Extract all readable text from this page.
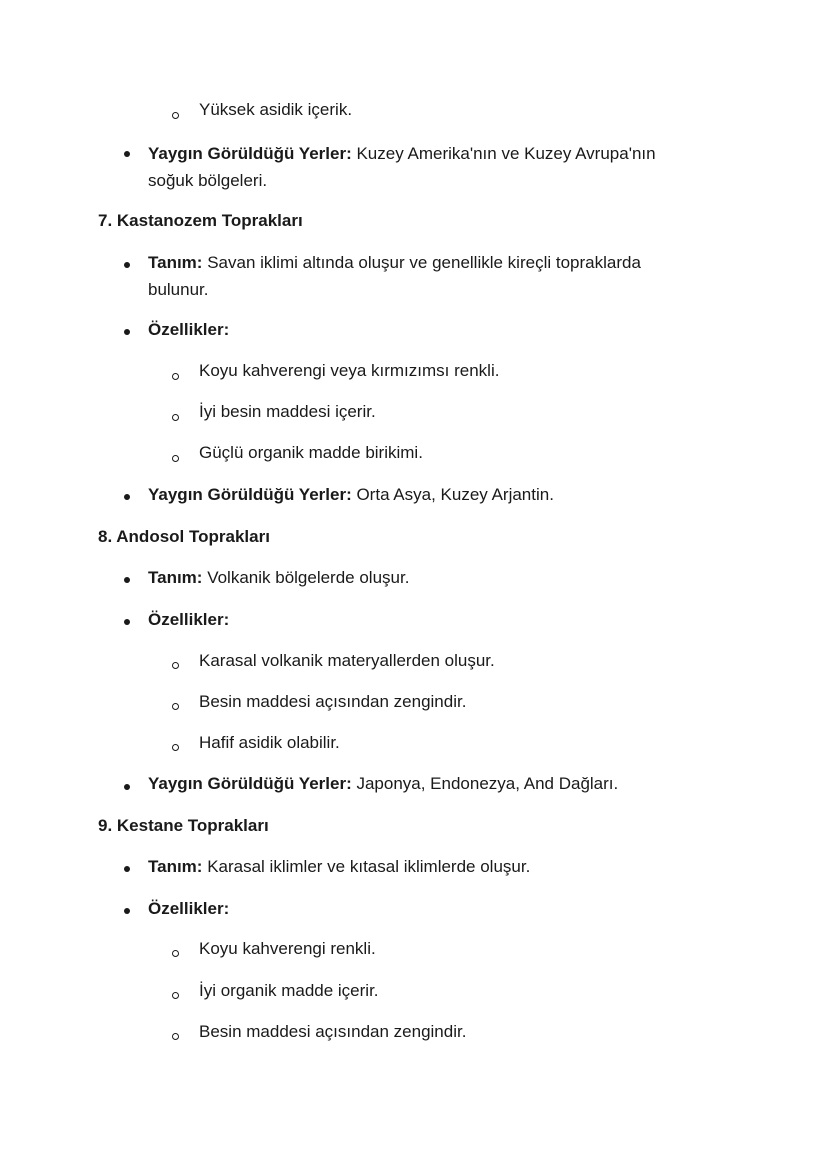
Yüksek asidik içerik.
Yaygın Görüldüğü Yerler: Kuzey Amerika'nın ve Kuzey Avrupa'nın
soğuk bölgeleri.
7. Kastanozem Toprakları
Tanım: Savan iklimi altında oluşur ve genellikle kireçli topraklarda
bulunur.
Özellikler:
Koyu kahverengi veya kırmızımsı renkli.
İyi besin maddesi içerir.
Güçlü organik madde birikimi.
Yaygın Görüldüğü Yerler: Orta Asya, Kuzey Arjantin.
8. Andosol Toprakları
Tanım: Volkanik bölgelerde oluşur.
Özellikler:
Karasal volkanik materyallerden oluşur.
Besin maddesi açısından zengindir.
Hafif asidik olabilir.
Yaygın Görüldüğü Yerler: Japonya, Endonezya, And Dağları.
9. Kestane Toprakları
Tanım: Karasal iklimler ve kıtasal iklimlerde oluşur.
Özellikler:
Koyu kahverengi renkli.
İyi organik madde içerir.
Besin maddesi açısından zengindir.
